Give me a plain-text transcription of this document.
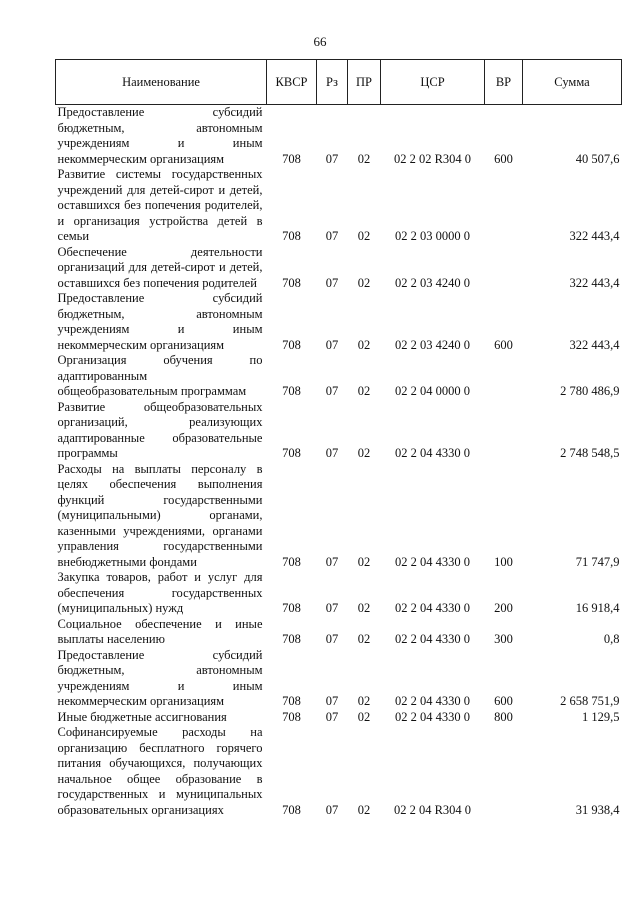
66
Наименование	КВСР	Рз	ПР	ЦСР	ВР	Сумма
Предоставление субсидий бюджетным, автономным учреждениям и иным некоммерческим организациям	708	07	02	02 2 02 R304 0	600	40 507,6
Развитие системы государственных учреждений для детей-сирот и детей, оставшихся без попечения родителей, и организация устройства детей в семьи	708	07	02	02 2 03 0000 0		322 443,4
Обеспечение деятельности организаций для детей-сирот и детей, оставшихся без попечения родителей	708	07	02	02 2 03 4240 0		322 443,4
Предоставление субсидий бюджетным, автономным учреждениям и иным некоммерческим организациям	708	07	02	02 2 03 4240 0	600	322 443,4
Организация обучения по адаптированным общеобразовательным программам	708	07	02	02 2 04 0000 0		2 780 486,9
Развитие общеобразовательных организаций, реализующих адаптированные образовательные программы	708	07	02	02 2 04 4330 0		2 748 548,5
Расходы на выплаты персоналу в целях обеспечения выполнения функций государственными (муниципальными) органами, казенными учреждениями, органами управления государственными внебюджетными фондами	708	07	02	02 2 04 4330 0	100	71 747,9
Закупка товаров, работ и услуг для обеспечения государственных (муниципальных) нужд	708	07	02	02 2 04 4330 0	200	16 918,4
Социальное обеспечение и иные выплаты населению	708	07	02	02 2 04 4330 0	300	0,8
Предоставление субсидий бюджетным, автономным учреждениям и иным некоммерческим организациям	708	07	02	02 2 04 4330 0	600	2 658 751,9
Иные бюджетные ассигнования	708	07	02	02 2 04 4330 0	800	1 129,5
Софинансируемые расходы на организацию бесплатного горячего питания обучающихся, получающих начальное общее образование в государственных и муниципальных образовательных организациях	708	07	02	02 2 04 R304 0		31 938,4
